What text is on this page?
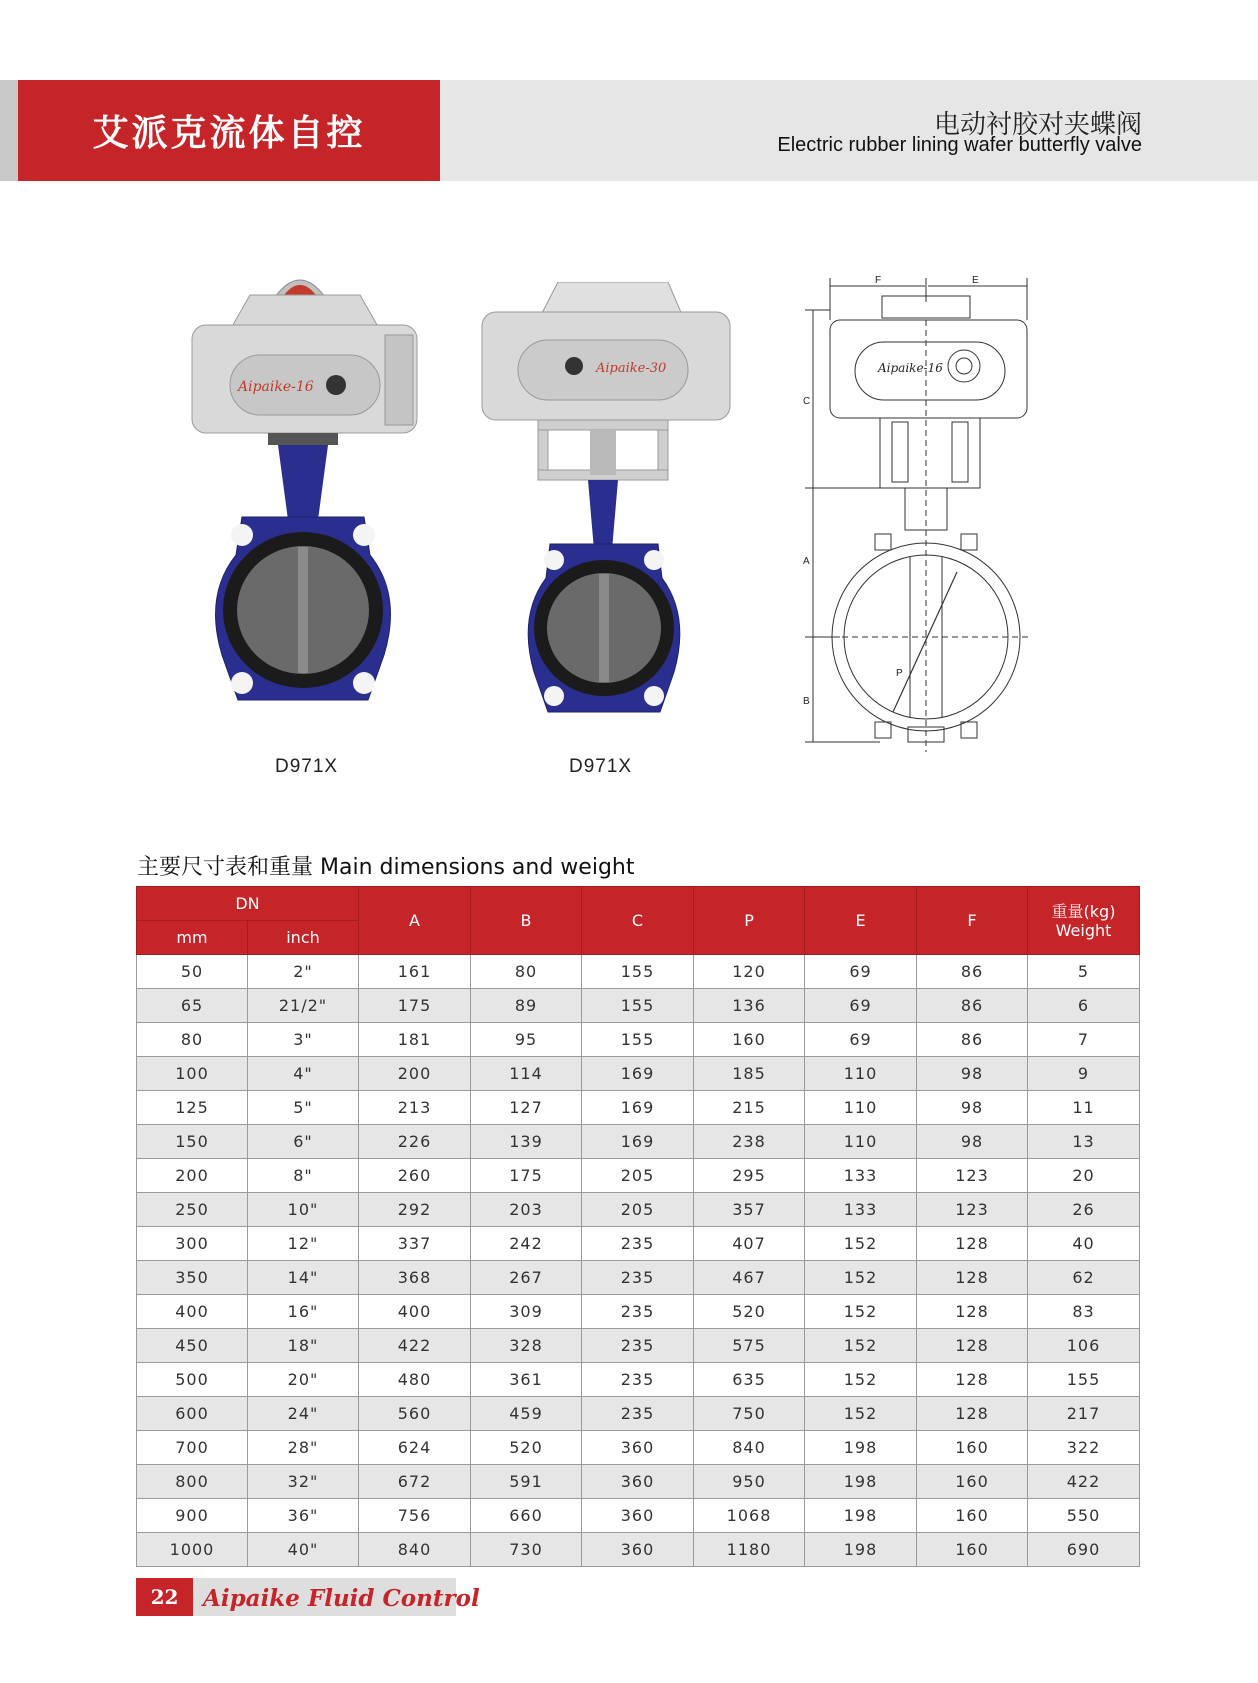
艾派克流体自控	电动衬胶对夹蝶阀
Electric rubber lining wafer butterfly valve
Aipaike-16
D971X
Aipaike-30
D971X
Aipaike-16
F	E
C
A
B
P
主要尺寸表和重量 Main dimensions and weight
DN		A	B	C	P	E	F	重量(kg)
Weight

mm	inch							
50	2"	161	80	155	120	69	86	5
65	21/2"	175	89	155	136	69	86	6
80	3"	181	95	155	160	69	86	7
100	4"	200	114	169	185	110	98	9
125	5"	213	127	169	215	110	98	11
150	6"	226	139	169	238	110	98	13
200	8"	260	175	205	295	133	123	20
250	10"	292	203	205	357	133	123	26
300	12"	337	242	235	407	152	128	40
350	14"	368	267	235	467	152	128	62
400	16"	400	309	235	520	152	128	83
450	18"	422	328	235	575	152	128	106
500	20"	480	361	235	635	152	128	155
600	24"	560	459	235	750	152	128	217
700	28"	624	520	360	840	198	160	322
800	32"	672	591	360	950	198	160	422
900	36"	756	660	360	1068	198	160	550
1000	40"	840	730	360	1180	198	160	690
22	Aipaike Fluid Control
